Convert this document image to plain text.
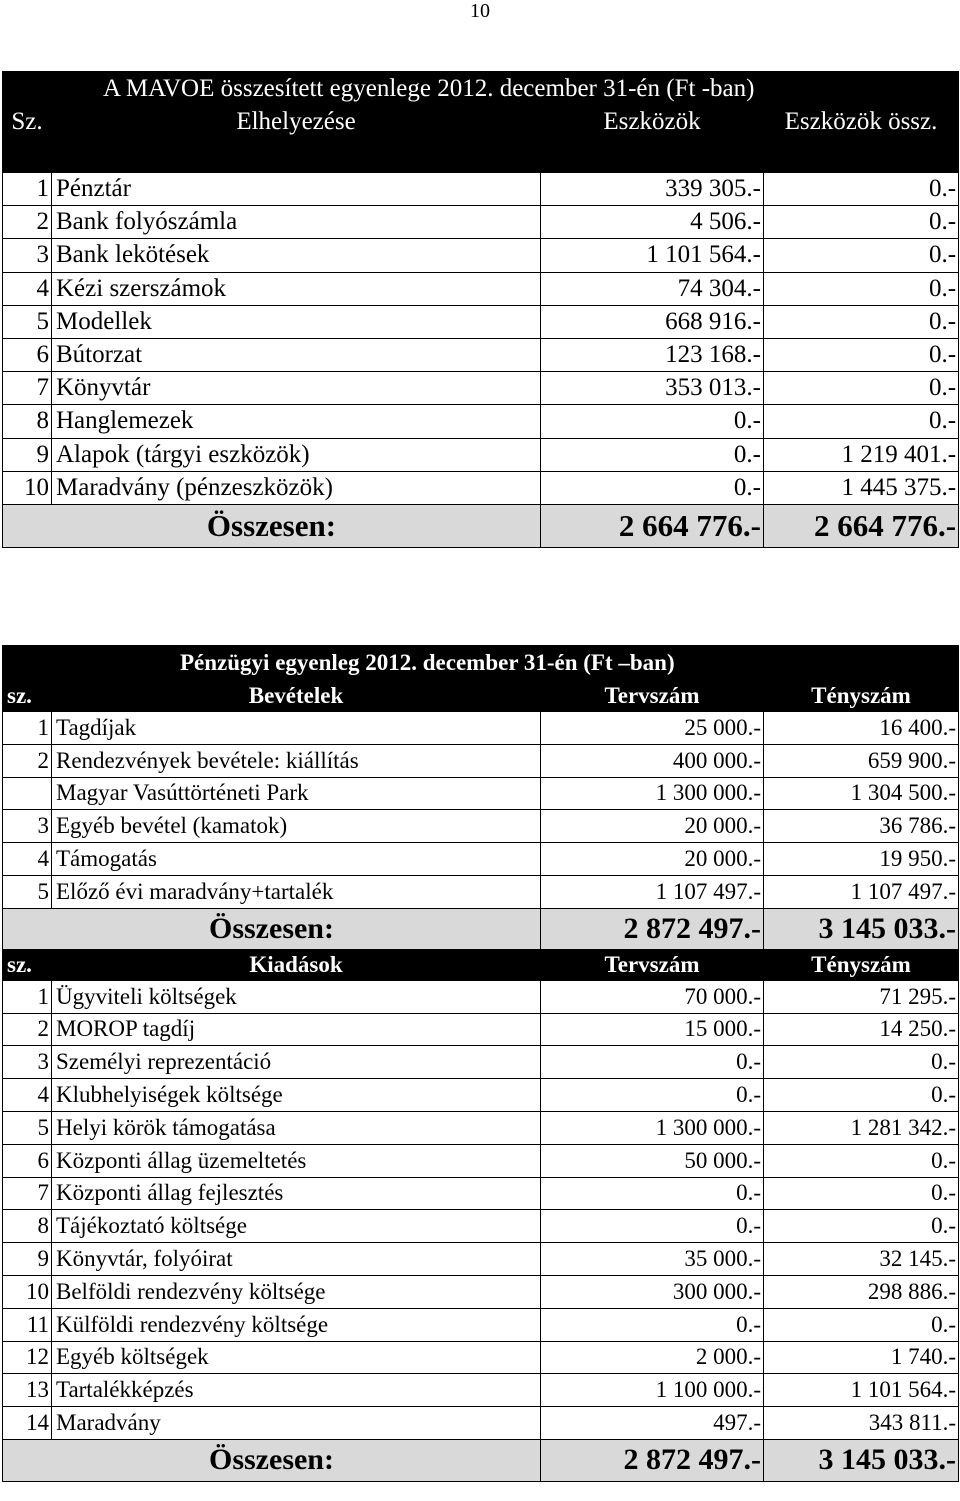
10
A MAVOE összesített egyenlege 2012. december 31-én (Ft -ban)			
Sz.	Elhelyezése	Eszközök	Eszközök össz.
1	Pénztár	339 305.-	0.-
2	Bank folyószámla	4 506.-	0.-
3	Bank lekötések	1 101 564.-	0.-
4	Kézi szerszámok	74 304.-	0.-
5	Modellek	668 916.-	0.-
6	Bútorzat	123 168.-	0.-
7	Könyvtár	353 013.-	0.-
8	Hanglemezek	0.-	0.-
9	Alapok (tárgyi eszközök)	0.-	1 219 401.-
10	Maradvány (pénzeszközök)	0.-	1 445 375.-
Összesen:		2 664 776.-	2 664 776.-
Pénzügyi egyenleg 2012. december 31-én (Ft –ban)			
sz.	Bevételek	Tervszám	Tényszám
1	Tagdíjak	25 000.-	16 400.-
2	Rendezvények bevétele: kiállítás	400 000.-	659 900.-
	Magyar Vasúttörténeti Park	1 300 000.-	1 304 500.-
3	Egyéb bevétel (kamatok)	20 000.-	36 786.-
4	Támogatás	20 000.-	19 950.-
5	Előző évi maradvány+tartalék	1 107 497.-	1 107 497.-
Összesen:		2 872 497.-	3 145 033.-
sz.	Kiadások	Tervszám	Tényszám
1	Ügyviteli költségek	70 000.-	71 295.-
2	MOROP tagdíj	15 000.-	14 250.-
3	Személyi reprezentáció	0.-	0.-
4	Klubhelyiségek költsége	0.-	0.-
5	Helyi körök támogatása	1 300 000.-	1 281 342.-
6	Központi állag üzemeltetés	50 000.-	0.-
7	Központi állag fejlesztés	0.-	0.-
8	Tájékoztató költsége	0.-	0.-
9	Könyvtár, folyóirat	35 000.-	32 145.-
10	Belföldi rendezvény költsége	300 000.-	298 886.-
11	Külföldi rendezvény költsége	0.-	0.-
12	Egyéb költségek	2 000.-	1 740.-
13	Tartalékképzés	1 100 000.-	1 101 564.-
14	Maradvány	497.-	343 811.-
Összesen:		2 872 497.-	3 145 033.-
